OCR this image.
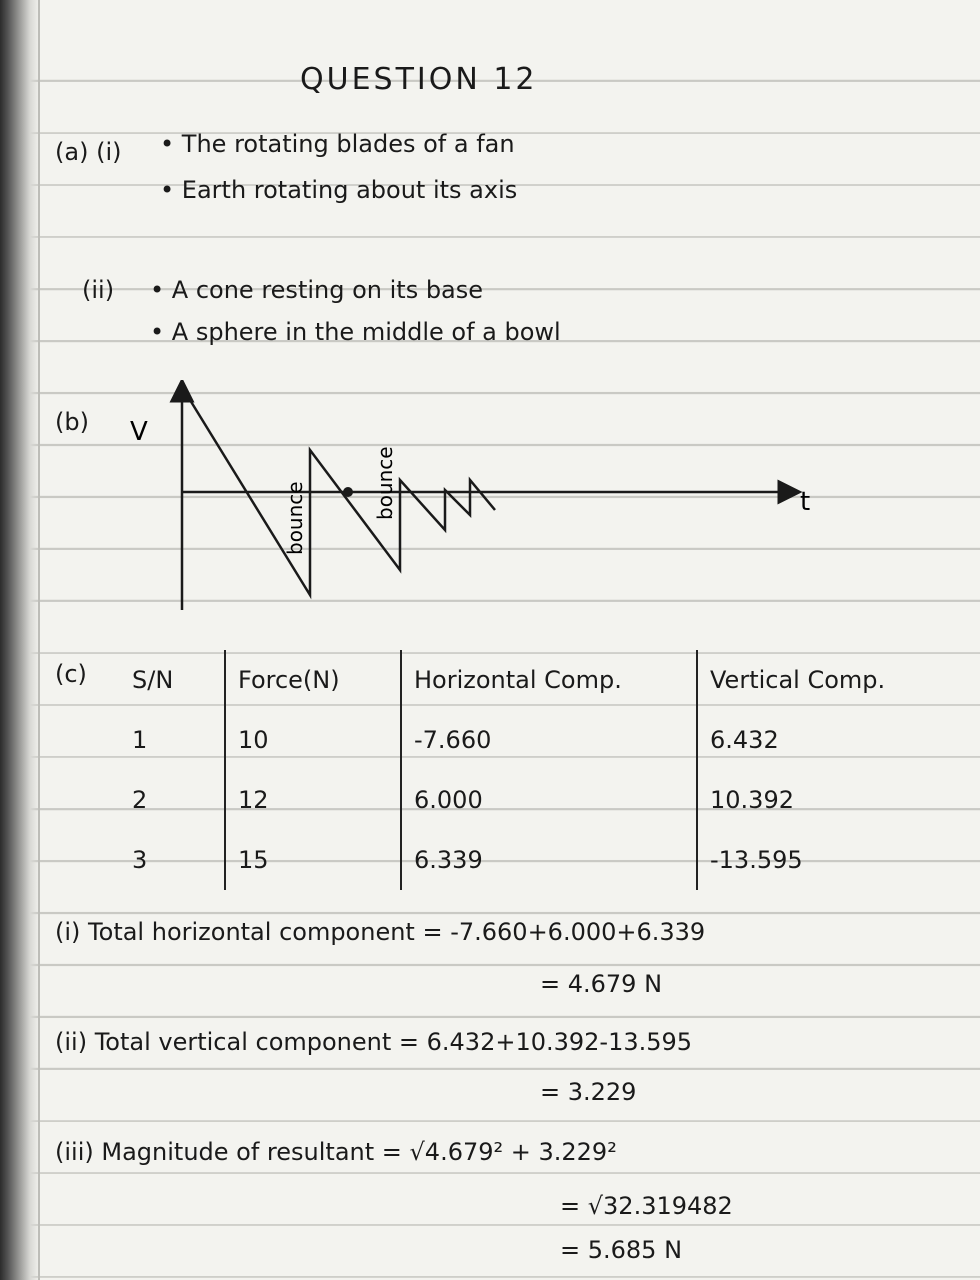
QUESTION 12
(a) (i) • The rotating blades of a fan
• Earth rotating about its axis
(ii) • A cone resting on its base
• A sphere in the middle of a bowl
(b) V
t
bounce	bounce
(c) S/N	Force(N)	Horizontal Comp.	Vertical Comp.
1	10	-7.660	6.432
2	12	6.000	10.392
3	15	6.339	-13.595
(i) Total horizontal component = -7.660+6.000+6.339
= 4.679 N
(ii) Total vertical component = 6.432+10.392-13.595
= 3.229
(iii) Magnitude of resultant = √4.679² + 3.229²
= √32.319482
= 5.685 N
